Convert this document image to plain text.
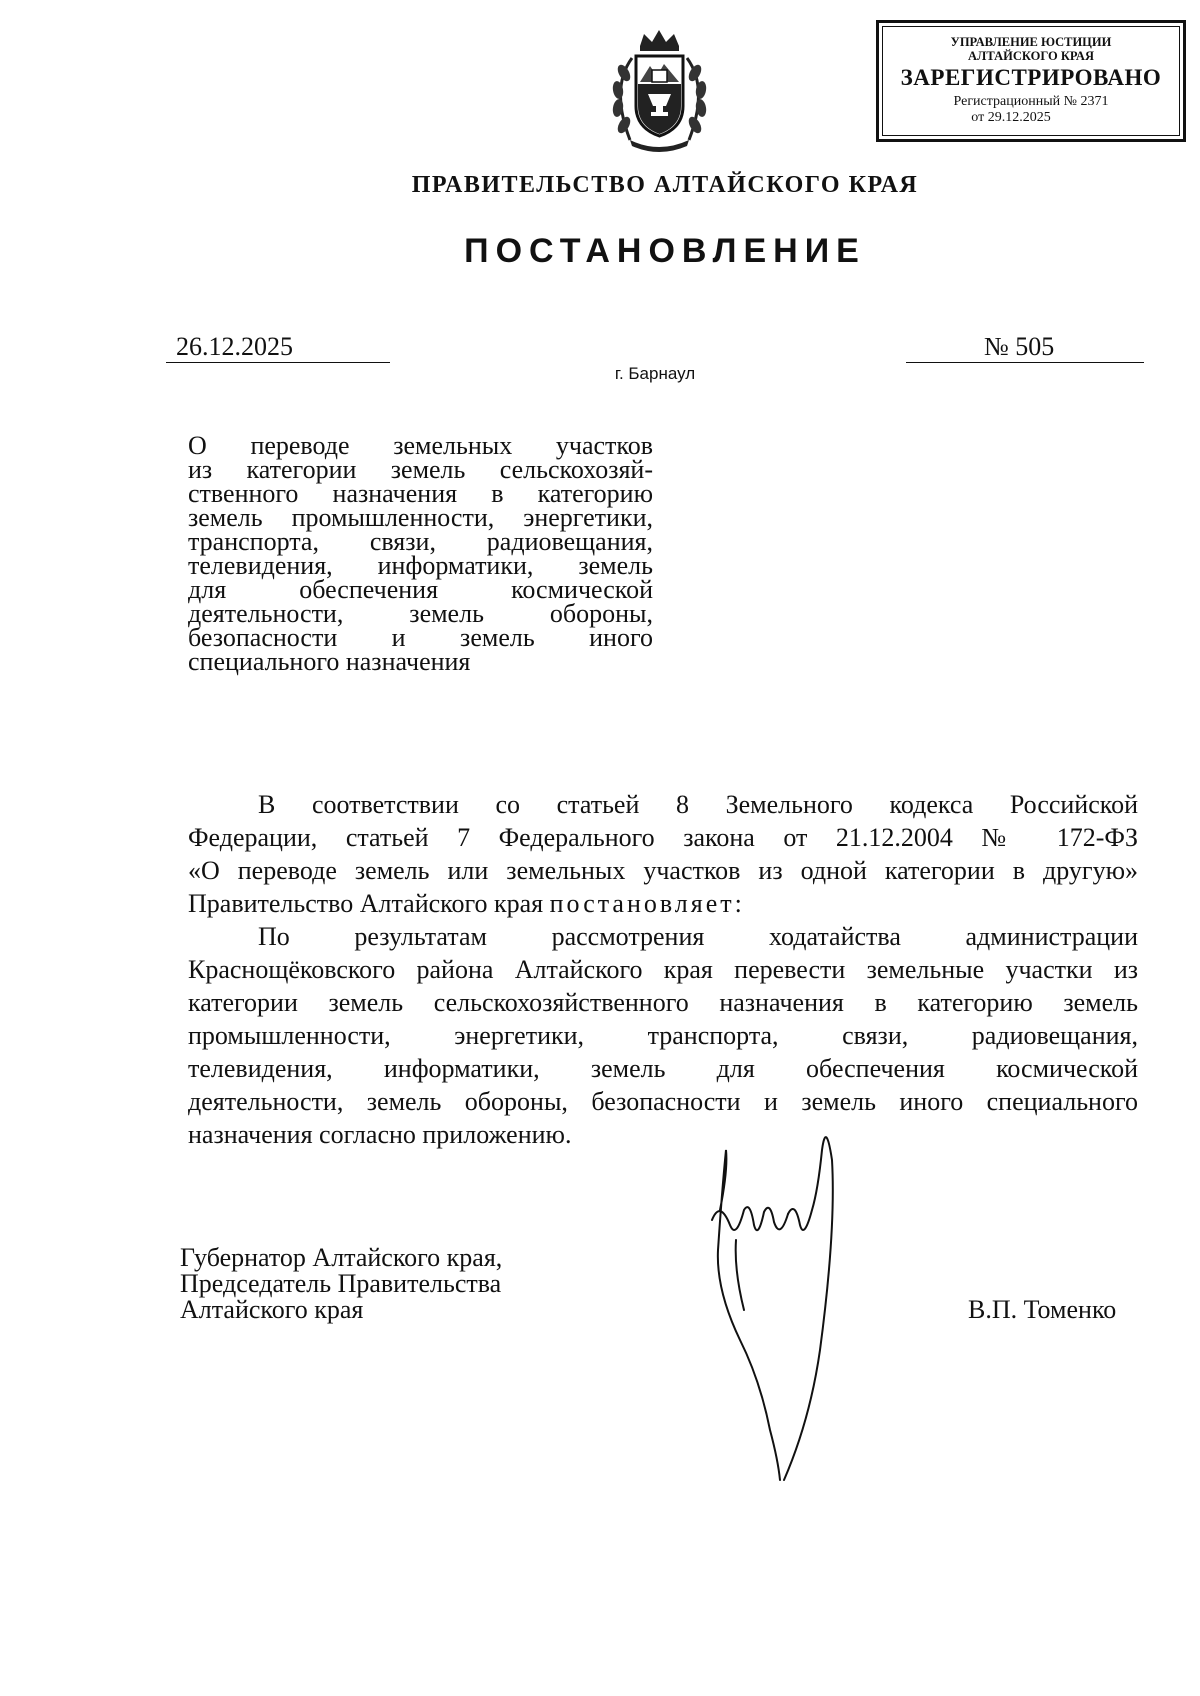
УПРАВЛЕНИЕ ЮСТИЦИИ
АЛТАЙСКОГО КРАЯ
ЗАРЕГИСТРИРОВАНО
Регистрационный № 2371
от 29.12.2025
ПРАВИТЕЛЬСТВО АЛТАЙСКОГО КРАЯ
ПОСТАНОВЛЕНИЕ
26.12.2025	№ 505
г. Барнаул
О переводе земельных участков
из категории земель сельскохозяй-
ственного назначения в категорию
земель промышленности, энергетики,
транспорта, связи, радиовещания,
телевидения, информатики, земель
для обеспечения космической
деятельности, земель обороны,
безопасности и земель иного
специального назначения
В соответствии со статьей 8 Земельного кодекса Российской
Федерации, статьей 7 Федерального закона от 21.12.2004 № 172-ФЗ
«О переводе земель или земельных участков из одной категории в другую»
Правительство Алтайского края постановляет:
По результатам рассмотрения ходатайства администрации
Краснощёковского района Алтайского края перевести земельные участки из
категории земель сельскохозяйственного назначения в категорию земель
промышленности, энергетики, транспорта, связи, радиовещания,
телевидения, информатики, земель для обеспечения космической
деятельности, земель обороны, безопасности и земель иного специального
назначения согласно приложению.
Губернатор Алтайского края,
Председатель Правительства
Алтайского края	В.П. Томенко
